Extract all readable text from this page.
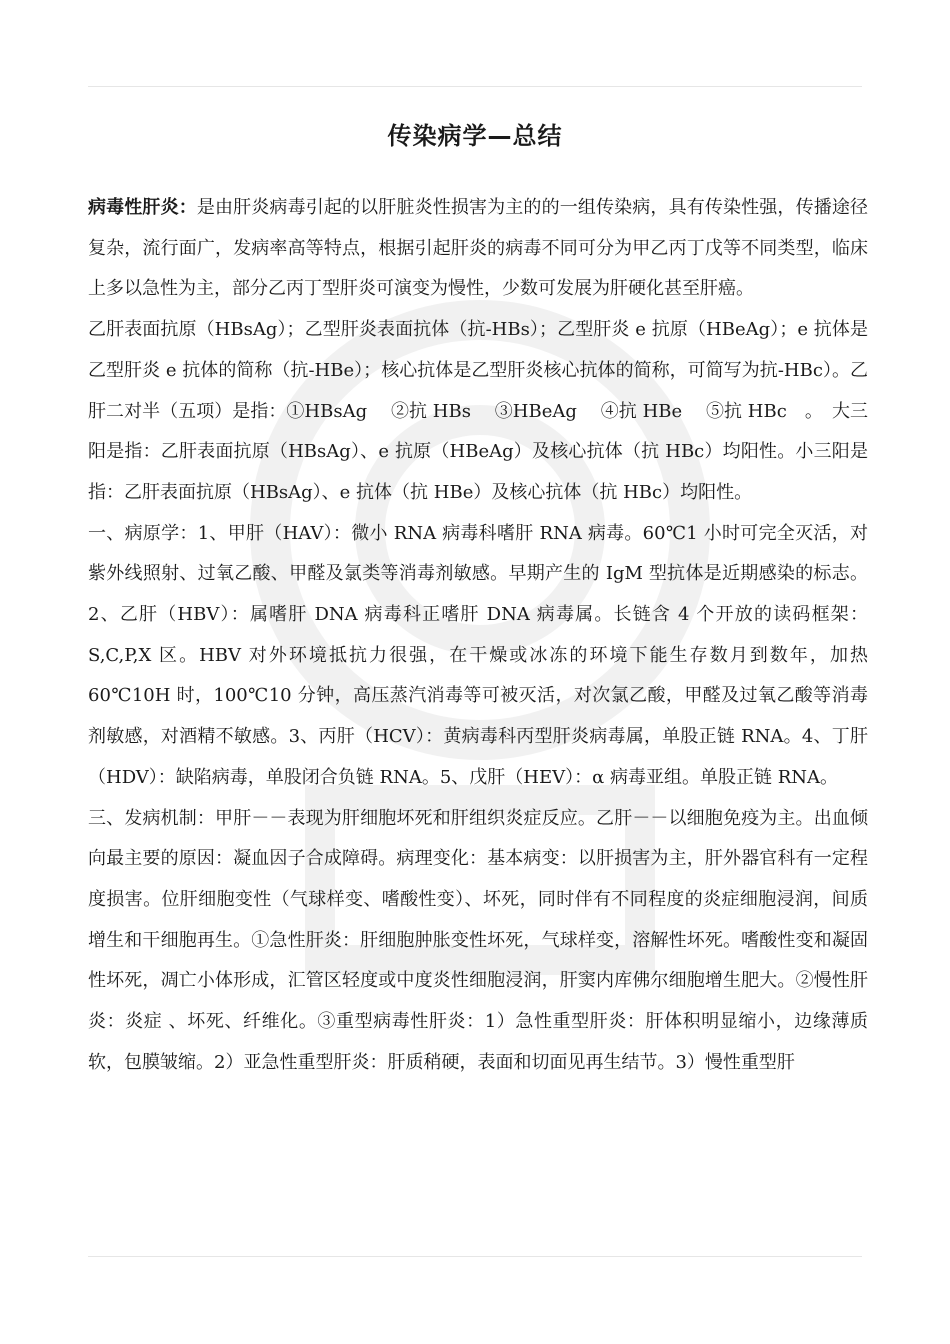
传染病学—总结

病毒性肝炎：是由肝炎病毒引起的以肝脏炎性损害为主的的一组传染病，具有传染性强，传播途径复杂，流行面广，发病率高等特点，根据引起肝炎的病毒不同可分为甲乙丙丁戊等不同类型，临床上多以急性为主，部分乙丙丁型肝炎可演变为慢性，少数可发展为肝硬化甚至肝癌。

乙肝表面抗原（HBsAg）；乙型肝炎表面抗体（抗-HBs）；乙型肝炎 e 抗原（HBeAg）；e 抗体是乙型肝炎 e 抗体的简称（抗-HBe）；核心抗体是乙型肝炎核心抗体的简称，可简写为抗-HBc）。乙肝二对半（五项）是指：①HBsAg　 ②抗 HBs　 ③HBeAg　 ④抗 HBe　 ⑤抗 HBc　。　大三阳是指：乙肝表面抗原（HBsAg）、e 抗原（HBeAg）及核心抗体（抗 HBc）均阳性。小三阳是指：乙肝表面抗原（HBsAg）、e 抗体（抗 HBe）及核心抗体（抗 HBc）均阳性。

一、病原学：1、甲肝（HAV）：微小 RNA 病毒科嗜肝 RNA 病毒。60℃1 小时可完全灭活，对紫外线照射、过氧乙酸、甲醛及氯类等消毒剂敏感。早期产生的 IgM 型抗体是近期感染的标志。2、乙肝（HBV）：属嗜肝 DNA 病毒科正嗜肝 DNA 病毒属。长链含 4 个开放的读码框架：S,C,P,X 区。HBV 对外环境抵抗力很强，在干燥或冰冻的环境下能生存数月到数年，加热 60℃10H 时，100℃10 分钟，高压蒸汽消毒等可被灭活，对次氯乙酸，甲醛及过氧乙酸等消毒剂敏感，对酒精不敏感。3、丙肝（HCV）：黄病毒科丙型肝炎病毒属，单股正链 RNA。4、丁肝（HDV）：缺陷病毒，单股闭合负链 RNA。5、戊肝（HEV）：α 病毒亚组。单股正链 RNA。

三、发病机制：甲肝－－表现为肝细胞坏死和肝组织炎症反应。乙肝－－以细胞免疫为主。出血倾向最主要的原因：凝血因子合成障碍。病理变化：基本病变：以肝损害为主，肝外器官科有一定程度损害。位肝细胞变性（气球样变、嗜酸性变）、坏死，同时伴有不同程度的炎症细胞浸润，间质增生和干细胞再生。①急性肝炎：肝细胞肿胀变性坏死，气球样变，溶解性坏死。嗜酸性变和凝固性坏死，凋亡小体形成，汇管区轻度或中度炎性细胞浸润，肝窦内库佛尔细胞增生肥大。②慢性肝炎：炎症 、坏死、纤维化。③重型病毒性肝炎：1）急性重型肝炎：肝体积明显缩小，边缘薄质软，包膜皱缩。2）亚急性重型肝炎：肝质稍硬，表面和切面见再生结节。3）慢性重型肝
